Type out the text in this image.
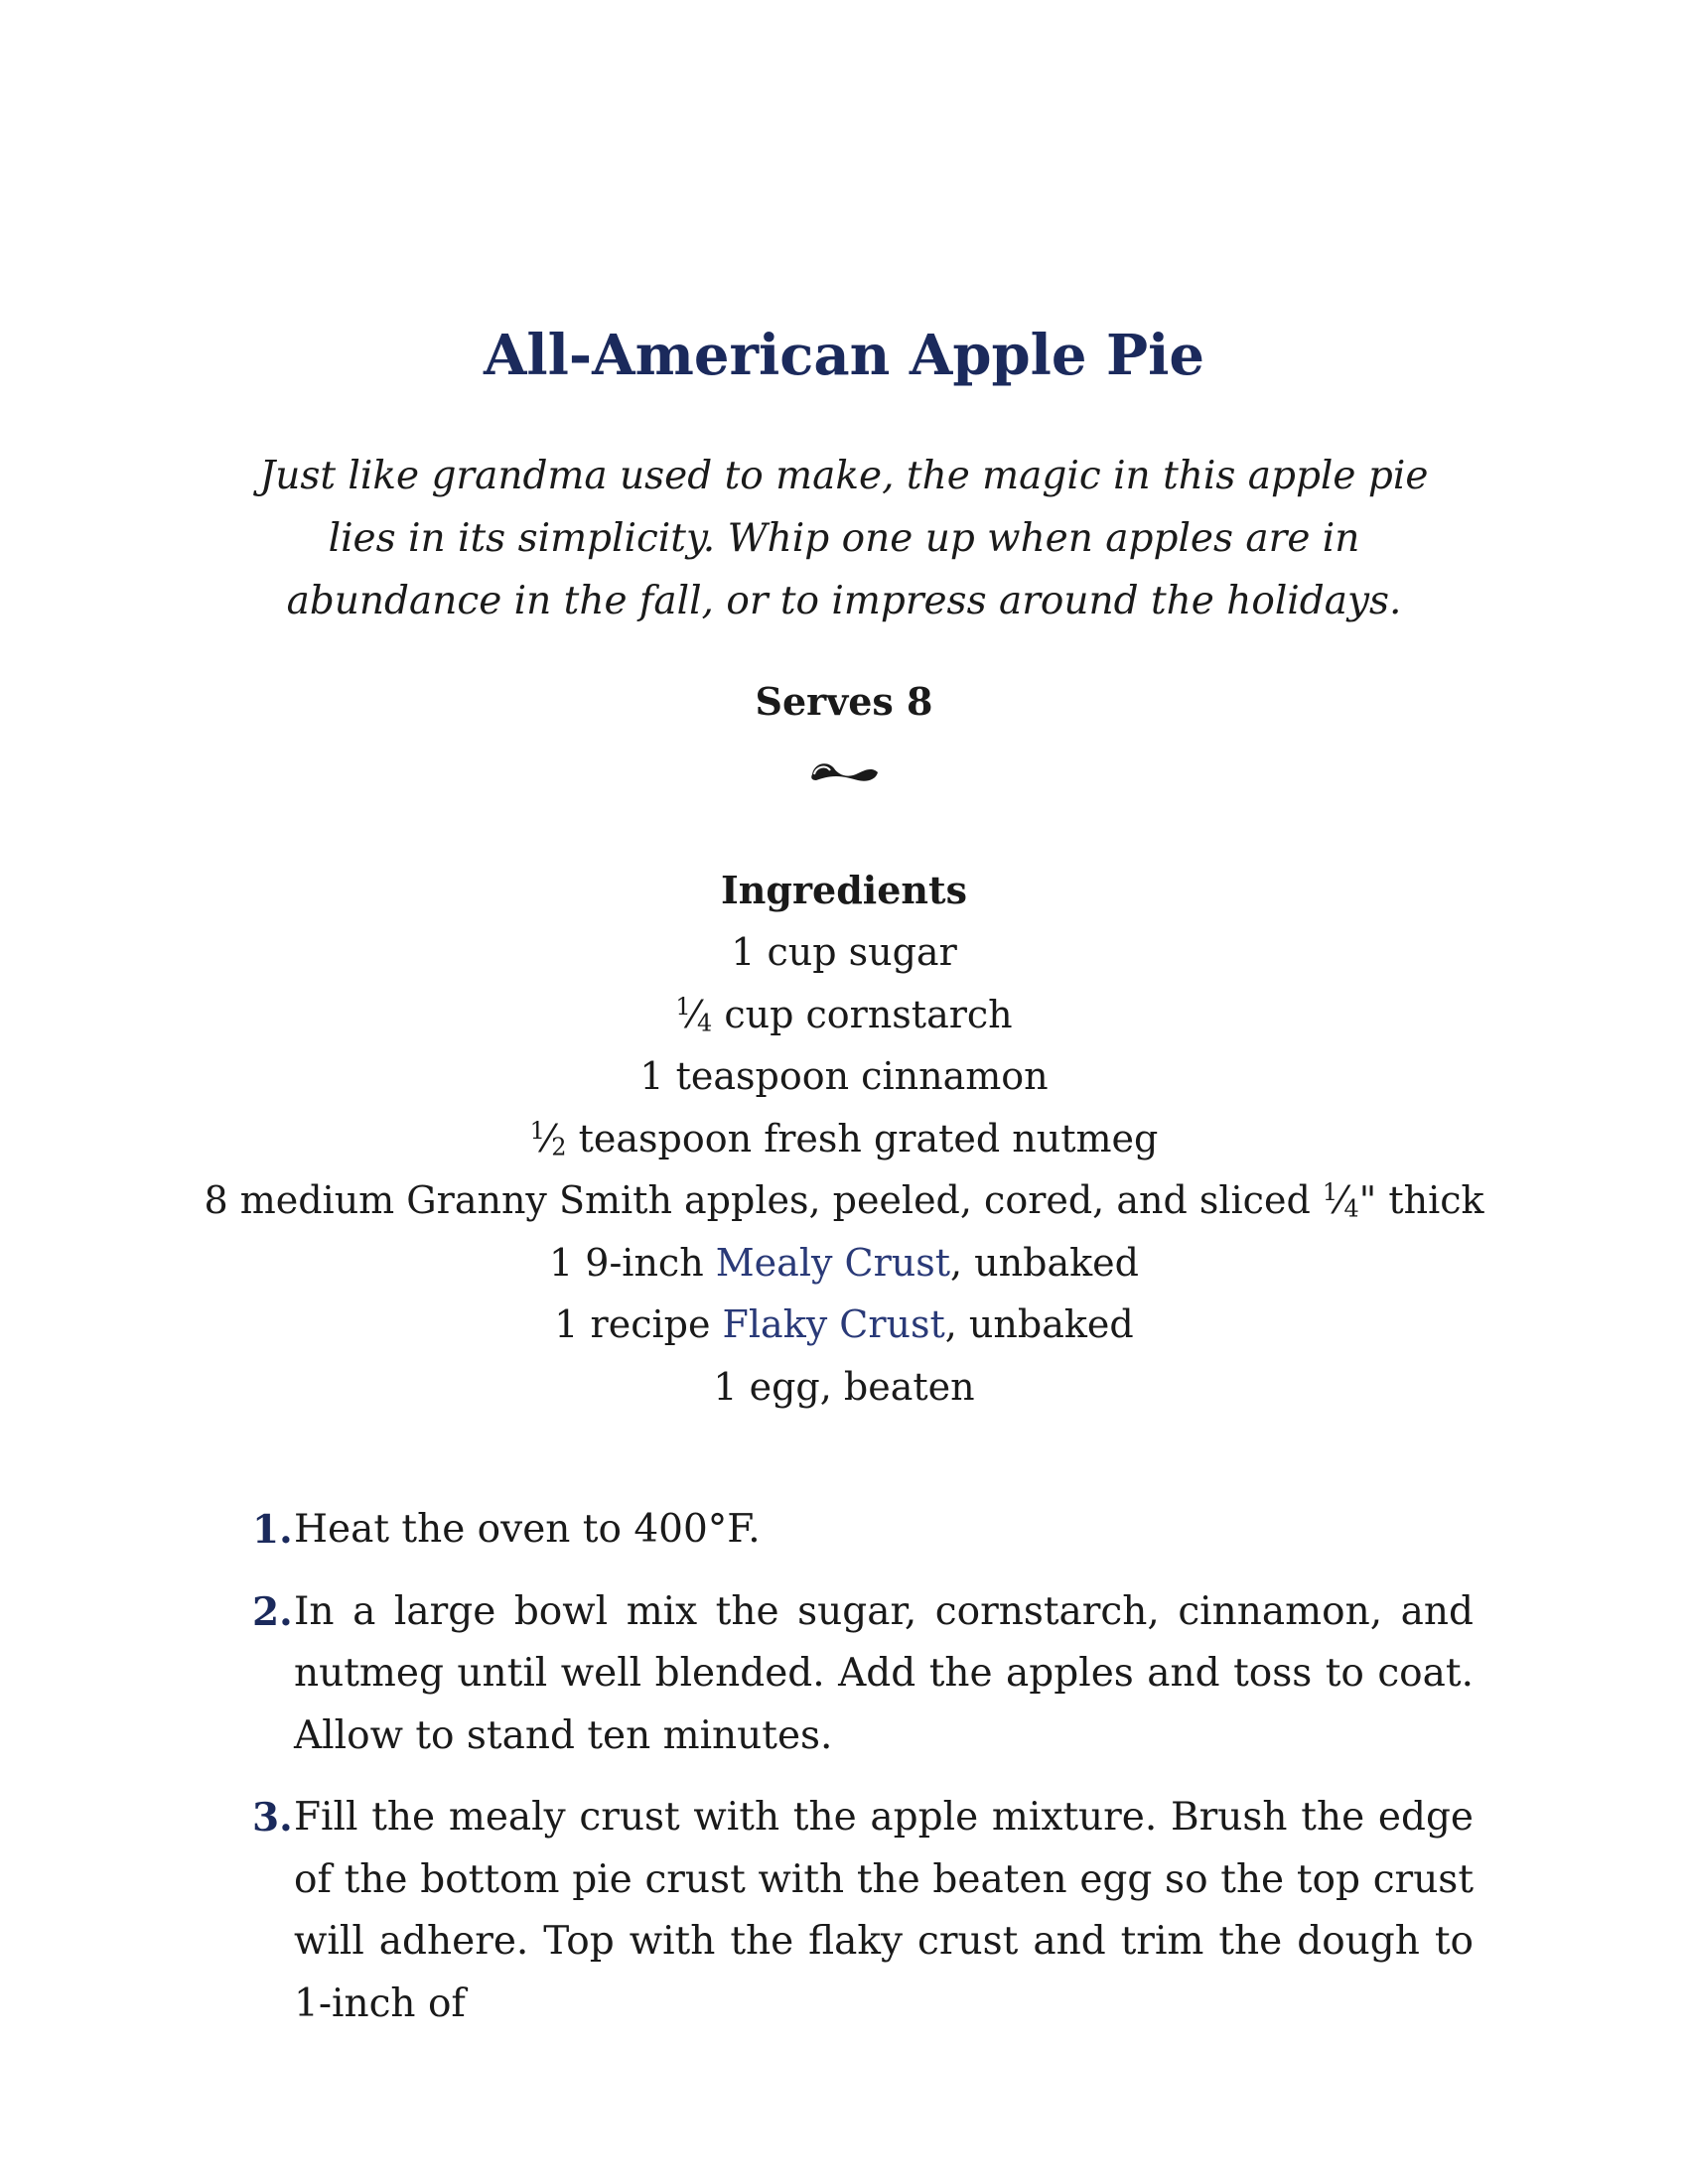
All-American Apple Pie

Just like grandma used to make, the magic in this apple pie lies in its simplicity. Whip one up when apples are in abundance in the fall, or to impress around the holidays.

Serves 8

Ingredients
1 cup sugar
$^1⁄_4$ cup cornstarch
1 teaspoon cinnamon
$^1⁄_2$ teaspoon fresh grated nutmeg
8 medium Granny Smith apples, peeled, cored, and sliced $^1⁄_4$" thick
1 9-inch Mealy Crust, unbaked
1 recipe Flaky Crust, unbaked
1 egg, beaten
1. Heat the oven to 400°F.
2. In a large bowl mix the sugar, cornstarch, cinnamon, and nutmeg until well blended. Add the apples and toss to coat. Allow to stand ten minutes.
3. Fill the mealy crust with the apple mixture. Brush the edge of the bottom pie crust with the beaten egg so the top crust will adhere. Top with the flaky crust and trim the dough to 1-inch of
